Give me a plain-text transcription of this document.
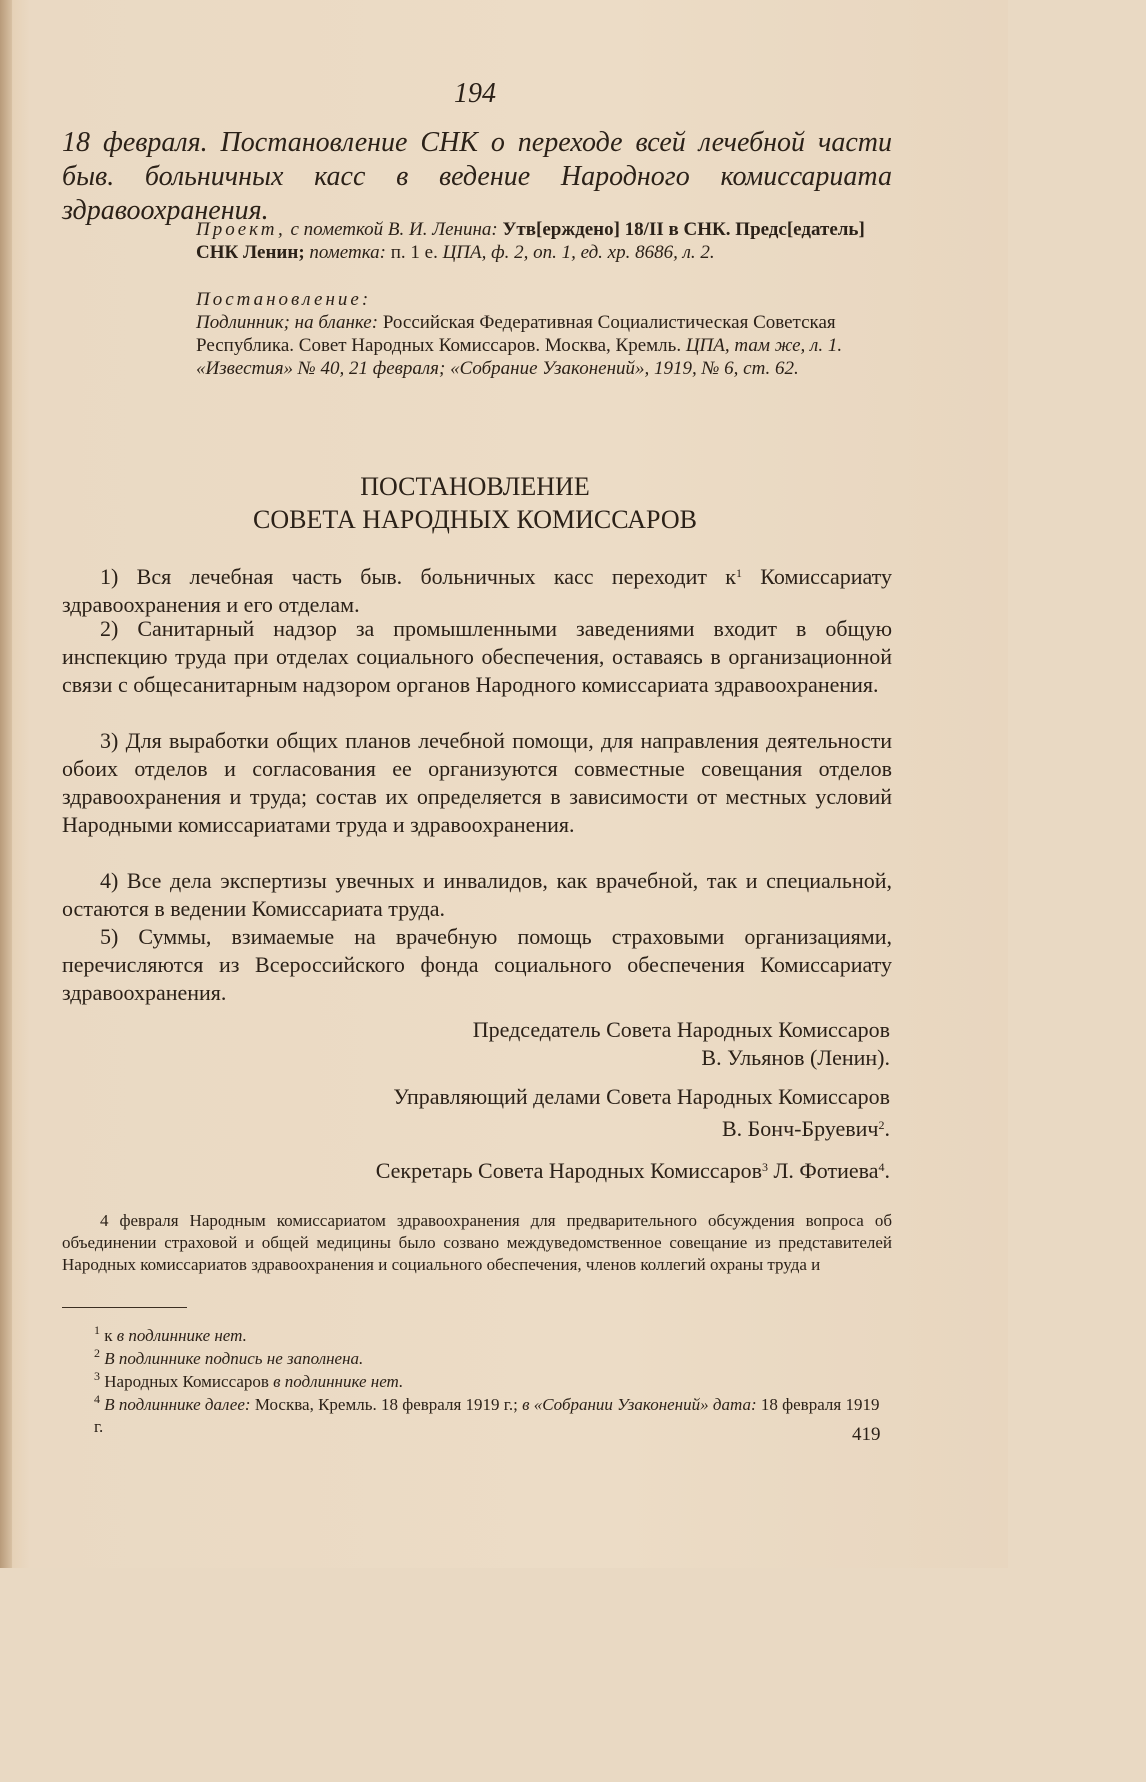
194

18 февраля. Постановление СНК о переходе всей лечебной части быв. больничных касс в ведение Народного комиссариата здравоохранения.

Проект, с пометкой В. И. Ленина: Утв[ерждено] 18/II в СНК. Предс[едатель] СНК Ленин; пометка: п. 1 е. ЦПА, ф. 2, оп. 1, ед. хр. 8686, л. 2.

Постановление:

Подлинник; на бланке: Российская Федеративная Социалистическая Советская Республика. Совет Народных Комиссаров. Москва, Кремль. ЦПА, там же, л. 1.

«Известия» № 40, 21 февраля; «Собрание Узаконений», 1919, № 6, ст. 62.

ПОСТАНОВЛЕНИЕ
СОВЕТА НАРОДНЫХ КОМИССАРОВ

1) Вся лечебная часть быв. больничных касс переходит $к^1$ Комиссариату здравоохранения и его отделам.

2) Санитарный надзор за промышленными заведениями входит в общую инспекцию труда при отделах социального обеспечения, оставаясь в организационной связи с общесанитарным надзором органов Народного комиссариата здравоохранения.

3) Для выработки общих планов лечебной помощи, для направления деятельности обоих отделов и согласования ее организуются совместные совещания отделов здравоохранения и труда; состав их определяется в зависимости от местных условий Народными комиссариатами труда и здравоохранения.

4) Все дела экспертизы увечных и инвалидов, как врачебной, так и специальной, остаются в ведении Комиссариата труда.

5) Суммы, взимаемые на врачебную помощь страховыми организациями, перечисляются из Всероссийского фонда социального обеспечения Комиссариату здравоохранения.

Председатель Совета Народных Комиссаров
В. Ульянов (Ленин).
Управляющий делами Совета Народных Комиссаров
В. Бонч-Бруевич$^2$.
Секретарь Совета Народных Комиссаров$^3$ Л. Фотиева$^4$.

4 февраля Народным комиссариатом здравоохранения для предварительного обсуждения вопроса об объединении страховой и общей медицины было созвано междуведомственное совещание из представителей Народных комиссариатов здравоохранения и социального обеспечения, членов коллегий охраны труда и

$^1$ к в подлиннике нет.

$^2$ В подлиннике подпись не заполнена.

$^3$ Народных Комиссаров в подлиннике нет.

$^4$ В подлиннике далее: Москва, Кремль. 18 февраля 1919 г.; в «Собрании Узаконений» дата: 18 февраля 1919 г.	419
